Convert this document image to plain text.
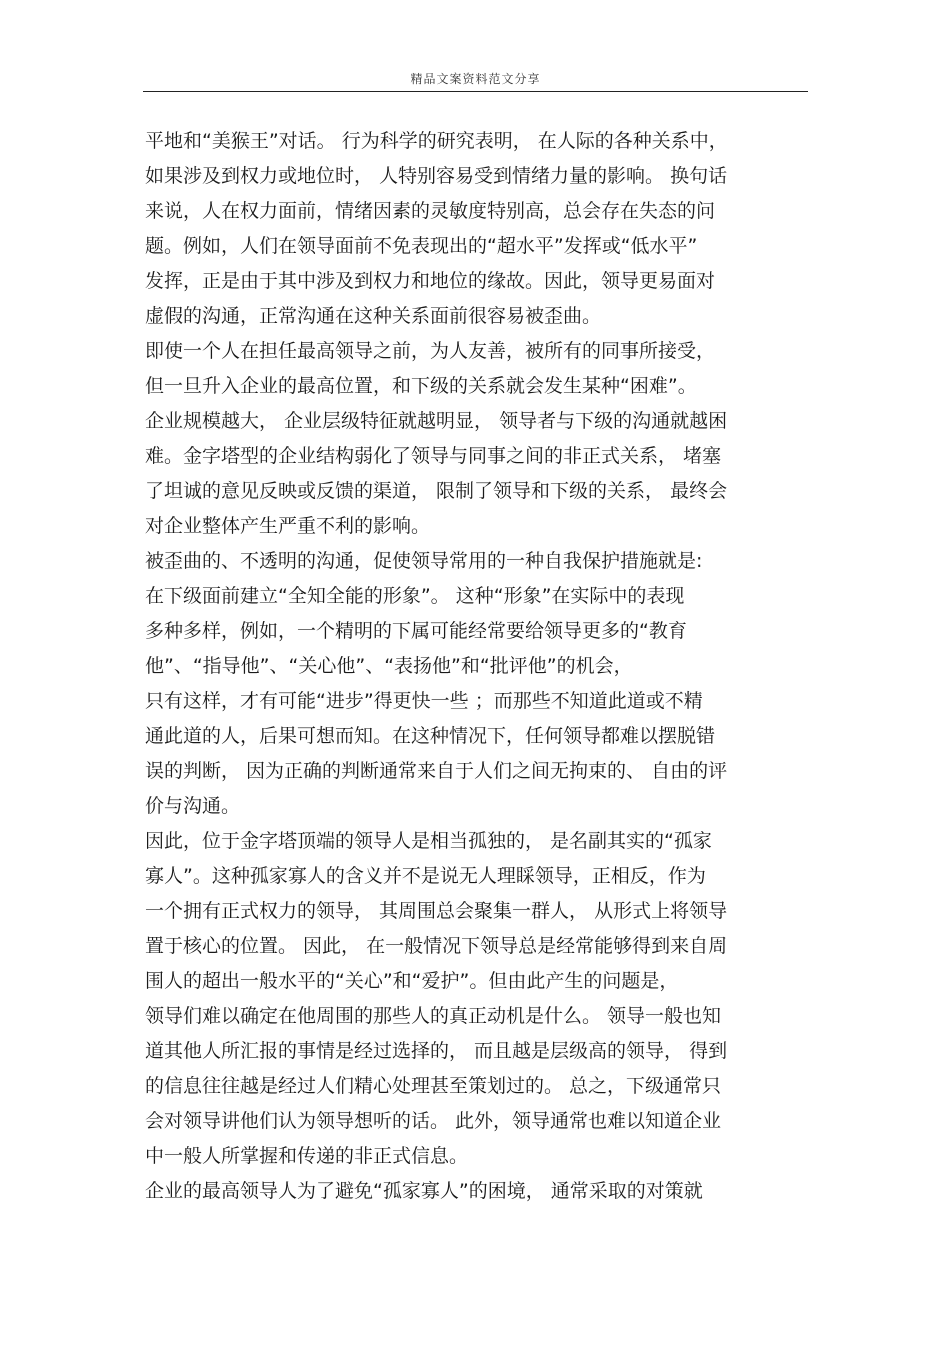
精品文案资料范文分享
平地和“美猴王”对话。 行为科学的研究表明， 在人际的各种关系中，
如果涉及到权力或地位时， 人特别容易受到情绪力量的影响。 换句话
来说，人在权力面前，情绪因素的灵敏度特别高，总会存在失态的问
题。例如，人们在领导面前不免表现出的“超水平”发挥或“低水平”
发挥，正是由于其中涉及到权力和地位的缘故。因此，领导更易面对
虚假的沟通，正常沟通在这种关系面前很容易被歪曲。
即使一个人在担任最高领导之前，为人友善，被所有的同事所接受，
但一旦升入企业的最高位置，和下级的关系就会发生某种“困难”。
企业规模越大， 企业层级特征就越明显， 领导者与下级的沟通就越困
难。金字塔型的企业结构弱化了领导与同事之间的非正式关系， 堵塞
了坦诚的意见反映或反馈的渠道， 限制了领导和下级的关系， 最终会
对企业整体产生严重不利的影响。
被歪曲的、不透明的沟通，促使领导常用的一种自我保护措施就是:
在下级面前建立“全知全能的形象”。 这种“形象”在实际中的表现
多种多样，例如，一个精明的下属可能经常要给领导更多的“教育
他”、“指导他”、“关心他”、“表扬他”和“批评他”的机会，
只有这样，才有可能“进步”得更快一些 ；而那些不知道此道或不精
通此道的人，后果可想而知。在这种情况下，任何领导都难以摆脱错
误的判断， 因为正确的判断通常来自于人们之间无拘束的、 自由的评
价与沟通。
因此，位于金字塔顶端的领导人是相当孤独的， 是名副其实的“孤家
寡人”。这种孤家寡人的含义并不是说无人理睬领导，正相反，作为
一个拥有正式权力的领导， 其周围总会聚集一群人， 从形式上将领导
置于核心的位置。 因此， 在一般情况下领导总是经常能够得到来自周
围人的超出一般水平的“关心”和“爱护”。但由此产生的问题是，
领导们难以确定在他周围的那些人的真正动机是什么。 领导一般也知
道其他人所汇报的事情是经过选择的， 而且越是层级高的领导， 得到
的信息往往越是经过人们精心处理甚至策划过的。 总之，下级通常只
会对领导讲他们认为领导想听的话。 此外，领导通常也难以知道企业
中一般人所掌握和传递的非正式信息。
企业的最高领导人为了避免“孤家寡人”的困境， 通常采取的对策就
